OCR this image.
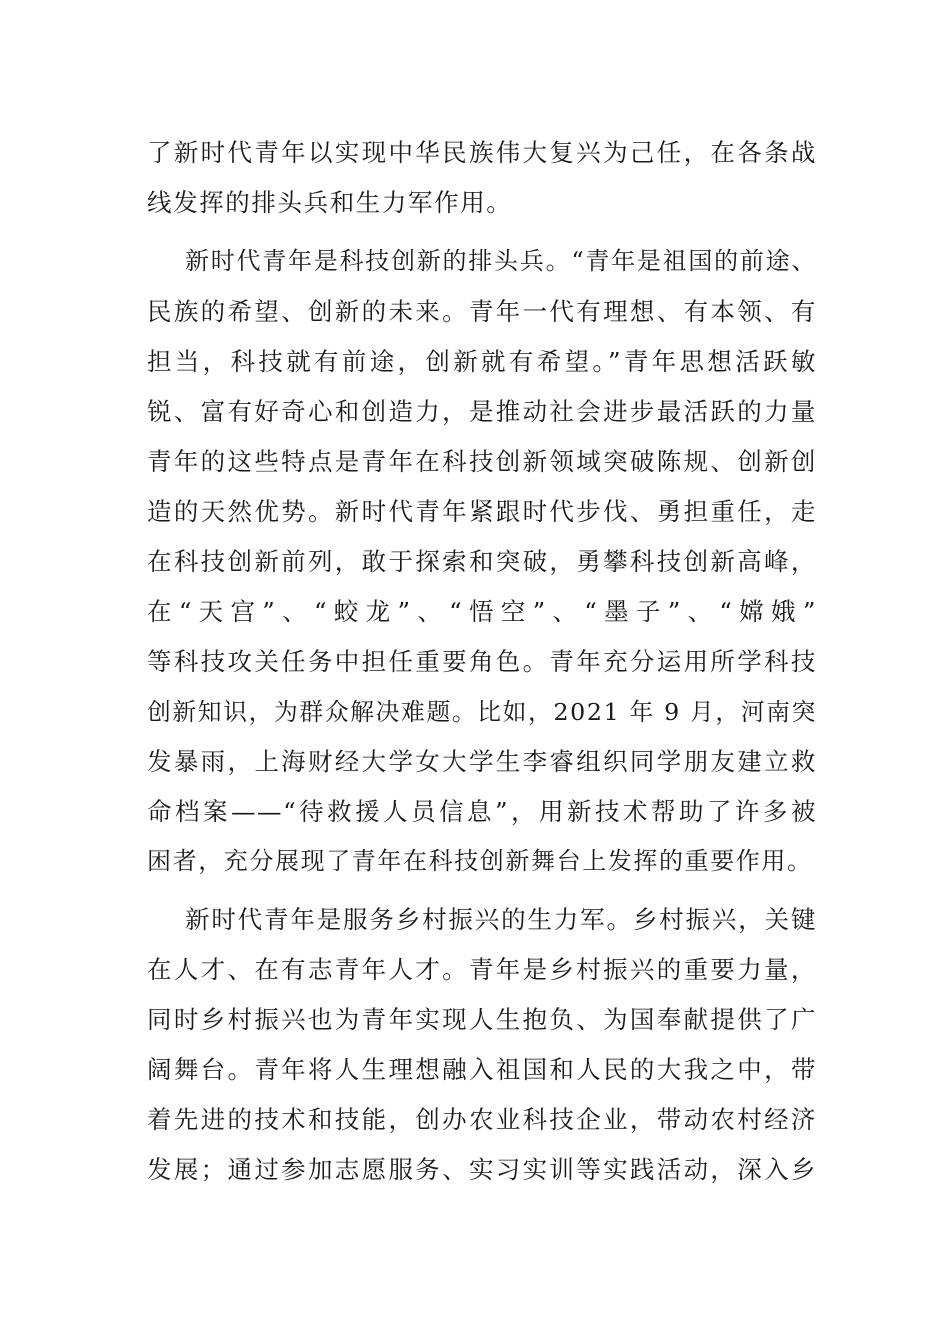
了新时代青年以实现中华民族伟大复兴为己任，在各条战
线发挥的排头兵和生力军作用。
新时代青年是科技创新的排头兵。“青年是祖国的前途、
民族的希望、创新的未来。青年一代有理想、有本领、有
担当，科技就有前途，创新就有希望。”青年思想活跃敏
锐、富有好奇心和创造力，是推动社会进步最活跃的力量
青年的这些特点是青年在科技创新领域突破陈规、创新创
造的天然优势。新时代青年紧跟时代步伐、勇担重任，走
在科技创新前列，敢于探索和突破，勇攀科技创新高峰，
在“天宫”、“蛟龙”、“悟空”、“墨子”、“嫦娥”
等科技攻关任务中担任重要角色。青年充分运用所学科技
创新知识，为群众解决难题。比如，2021 年 9 月，河南突
发暴雨，上海财经大学女大学生李睿组织同学朋友建立救
命档案——“待救援人员信息”，用新技术帮助了许多被
困者，充分展现了青年在科技创新舞台上发挥的重要作用。
新时代青年是服务乡村振兴的生力军。乡村振兴，关键
在人才、在有志青年人才。青年是乡村振兴的重要力量，
同时乡村振兴也为青年实现人生抱负、为国奉献提供了广
阔舞台。青年将人生理想融入祖国和人民的大我之中，带
着先进的技术和技能，创办农业科技企业，带动农村经济
发展；通过参加志愿服务、实习实训等实践活动，深入乡
